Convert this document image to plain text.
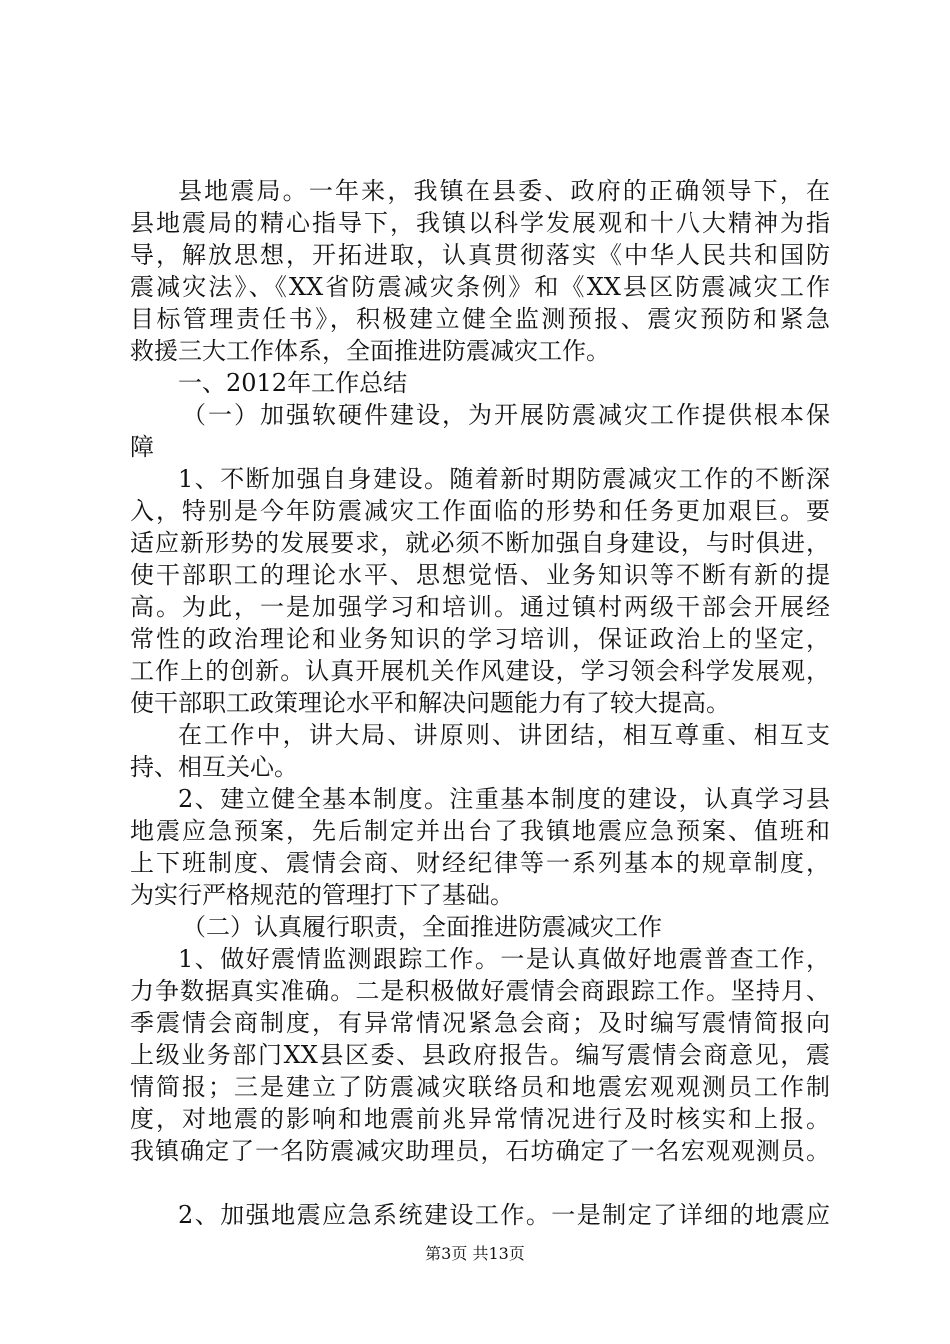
县地震局。一年来，我镇在县委、政府的正确领导下，在
县地震局的精心指导下，我镇以科学发展观和十八大精神为指
导，解放思想，开拓进取，认真贯彻落实《中华人民共和国防
震减灾法》、《XX省防震减灾条例》和《XX县区防震减灾工作
目标管理责任书》，积极建立健全监测预报、震灾预防和紧急
救援三大工作体系，全面推进防震减灾工作。
一、2012年工作总结
（一）加强软硬件建设，为开展防震减灾工作提供根本保
障
1、不断加强自身建设。随着新时期防震减灾工作的不断深
入，特别是今年防震减灾工作面临的形势和任务更加艰巨。要
适应新形势的发展要求，就必须不断加强自身建设，与时俱进，
使干部职工的理论水平、思想觉悟、业务知识等不断有新的提
高。为此，一是加强学习和培训。通过镇村两级干部会开展经
常性的政治理论和业务知识的学习培训，保证政治上的坚定，
工作上的创新。认真开展机关作风建设，学习领会科学发展观，
使干部职工政策理论水平和解决问题能力有了较大提高。
在工作中，讲大局、讲原则、讲团结，相互尊重、相互支
持、相互关心。
2、建立健全基本制度。注重基本制度的建设，认真学习县
地震应急预案，先后制定并出台了我镇地震应急预案、值班和
上下班制度、震情会商、财经纪律等一系列基本的规章制度，
为实行严格规范的管理打下了基础。
（二）认真履行职责，全面推进防震减灾工作
1、做好震情监测跟踪工作。一是认真做好地震普查工作，
力争数据真实准确。二是积极做好震情会商跟踪工作。坚持月、
季震情会商制度，有异常情况紧急会商；及时编写震情简报向
上级业务部门XX县区委、县政府报告。编写震情会商意见，震
情简报；三是建立了防震减灾联络员和地震宏观观测员工作制
度，对地震的影响和地震前兆异常情况进行及时核实和上报。
我镇确定了一名防震减灾助理员，石坊确定了一名宏观观测员。
2、加强地震应急系统建设工作。一是制定了详细的地震应
第3页 共13页
